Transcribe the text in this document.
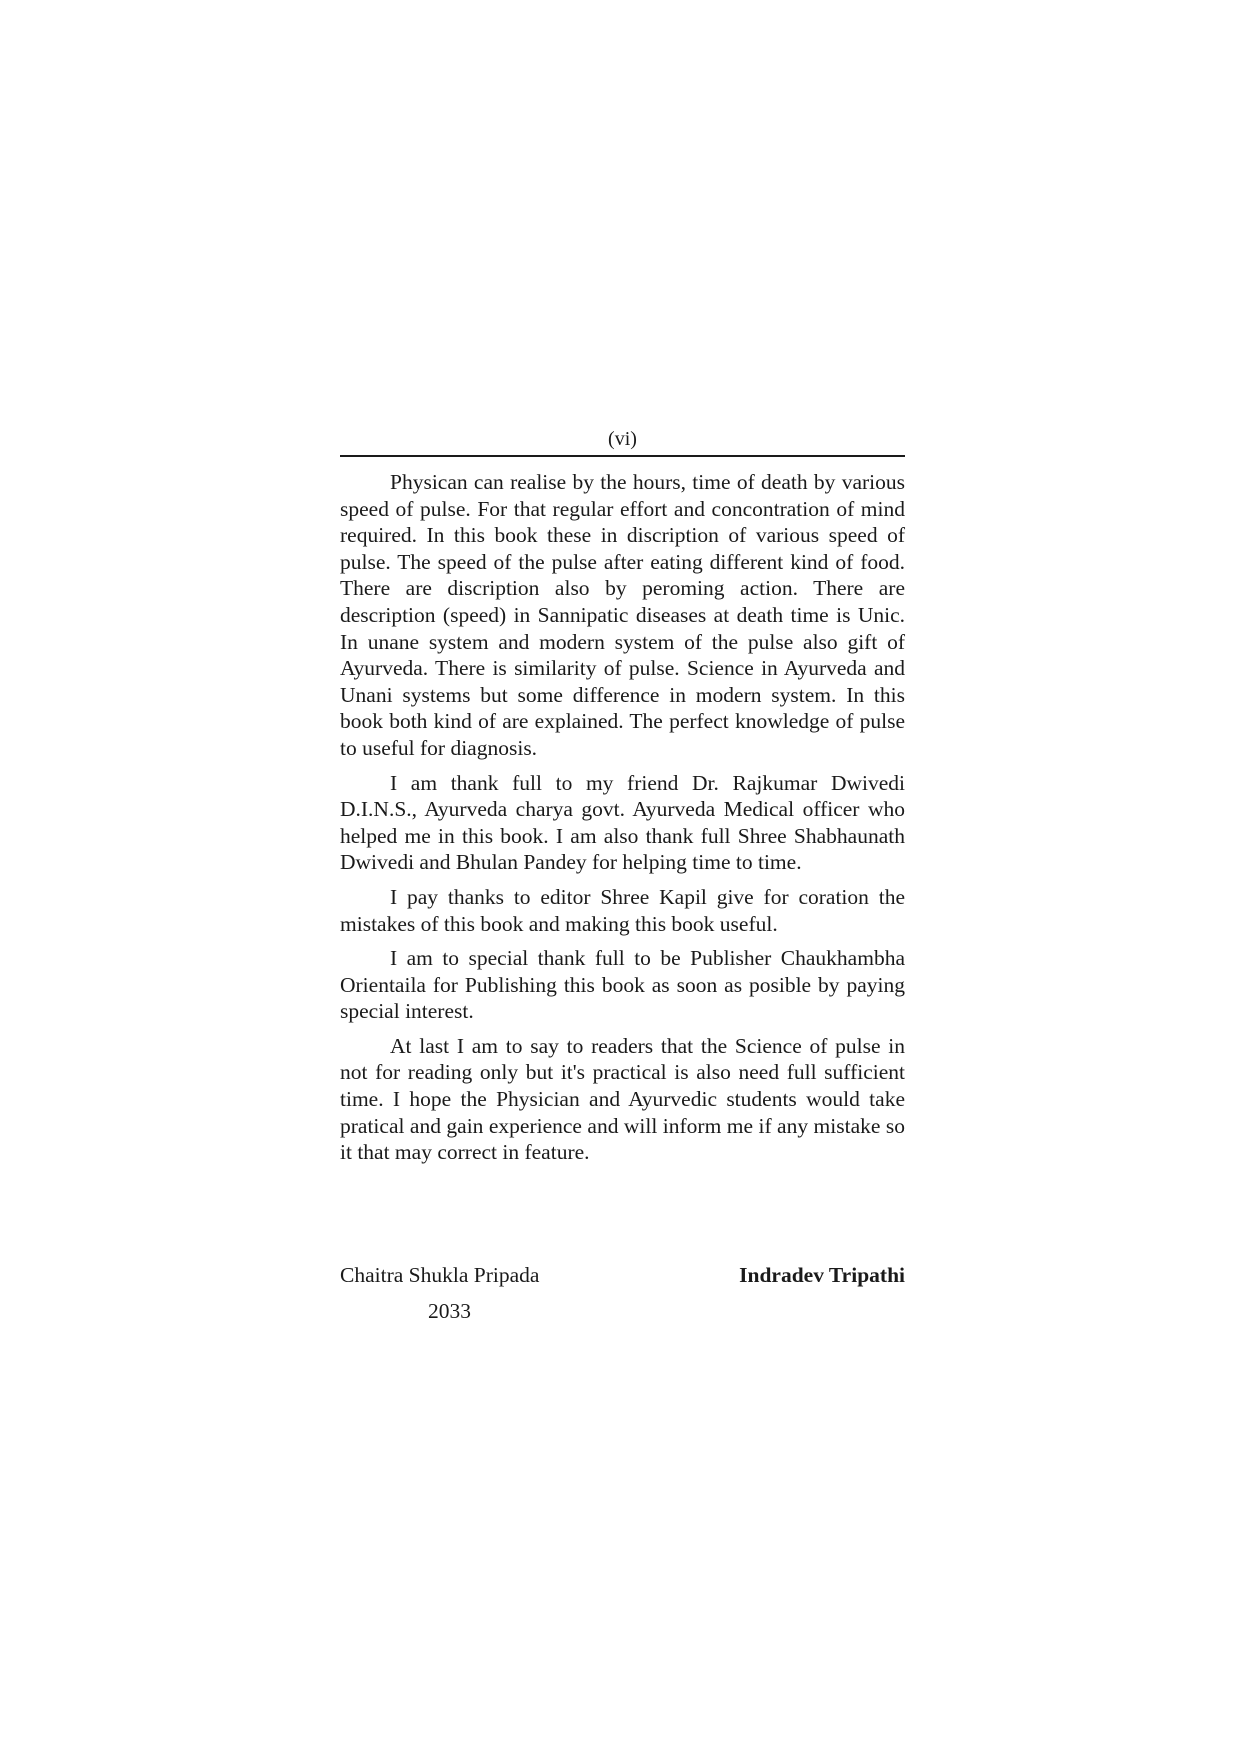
(vi)

Physican can realise by the hours, time of death by various speed of pulse. For that regular effort and concontration of mind required. In this book these in discription of various speed of pulse. The speed of the pulse after eating different kind of food. There are discription also by peroming action. There are description (speed) in Sannipatic diseases at death time is Unic. In unane system and modern system of the pulse also gift of Ayurveda. There is similarity of pulse. Science in Ayurveda and Unani systems but some difference in modern system. In this book both kind of are explained. The perfect knowledge of pulse to useful for diagnosis.

I am thank full to my friend Dr. Rajkumar Dwivedi D.I.N.S., Ayurveda charya govt. Ayurveda Medical officer who helped me in this book. I am also thank full Shree Shabhaunath Dwivedi and Bhulan Pandey for helping time to time.

I pay thanks to editor Shree Kapil give for coration the mistakes of this book and making this book useful.

I am to special thank full to be Publisher Chaukhambha Orientaila for Publishing this book as soon as posible by paying special interest.

At last I am to say to readers that the Science of pulse in not for reading only but it's practical is also need full sufficient time. I hope the Physician and Ayurvedic students would take pratical and gain experience and will inform me if any mistake so it that may correct in feature.

Chaitra Shukla Pripada
2033
Indradev Tripathi
